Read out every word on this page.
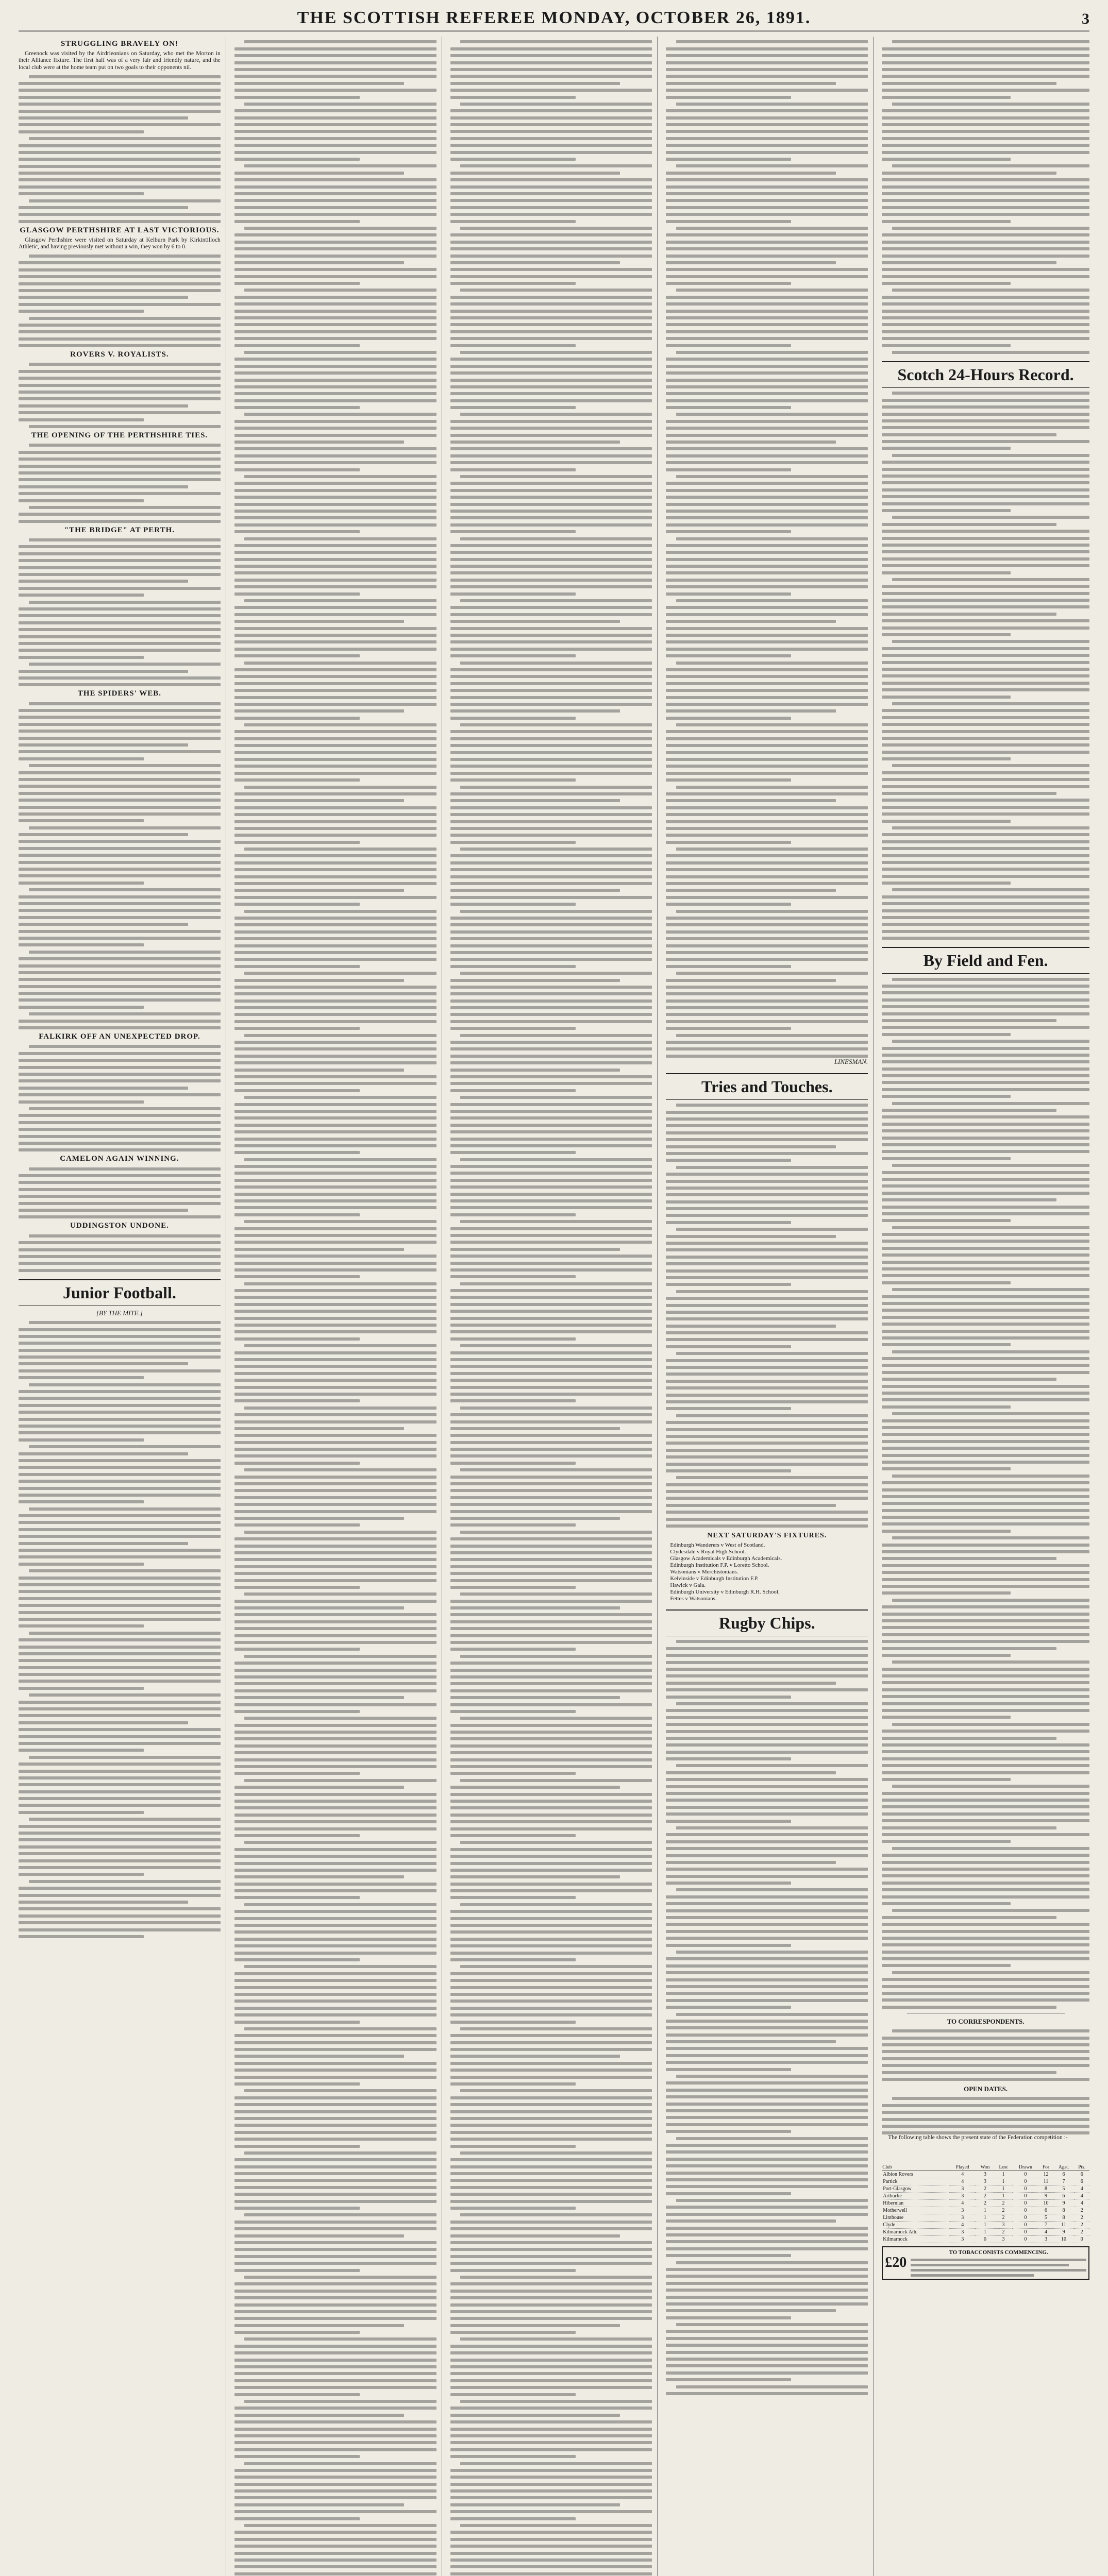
THE SCOTTISH REFEREE MONDAY, OCTOBER 26, 1891.	3
STRUGGLING BRAVELY ON!

Greenock was visited by the Airdrieonians on Saturday, who met the Morton in their Alliance fixture. The first half was of a very fair and friendly nature, and the local club were at the home team put on two goals to their opponents nil.

GLASGOW PERTHSHIRE AT LAST VICTORIOUS.

Glasgow Perthshire were visited on Saturday at Kelburn Park by Kirkintilloch Athletic, and having previously met without a win, they won by 6 to 0.

ROVERS V. ROYALISTS.
THE OPENING OF THE PERTHSHIRE TIES.
"THE BRIDGE" AT PERTH.
THE SPIDERS' WEB.
FALKIRK OFF AN UNEXPECTED DROP.
CAMELON AGAIN WINNING.
UDDINGSTON UNDONE.
Junior Football.
[BY THE MITE.]
LINESMAN.
Tries and Touches.
NEXT SATURDAY'S FIXTURES.
Edinburgh Wanderers v West of Scotland.
Clydesdale v Royal High School.
Glasgow Academicals v Edinburgh Academicals.
Edinburgh Institution F.P. v Loretto School.
Watsonians v Merchistonians.
Kelvinside v Edinburgh Institution F.P.
Hawick v Gala.
Edinburgh University v Edinburgh R.H. School.
Fettes v Watsonians.
Rugby Chips.
Scotch 24-Hours Record.
By Field and Fen.
TO CORRESPONDENTS.
OPEN DATES.

The following table shows the present state of the Federation competition :-

Club	Played	Won	Lost	Drawn	For	Agst.	Pts.
Albion Rovers	4	3	1	0	12	6	6
Partick	4	3	1	0	11	7	6
Port-Glasgow	3	2	1	0	8	5	4
Arthurlie	3	2	1	0	9	6	4
Hibernian	4	2	2	0	10	9	4
Motherwell	3	1	2	0	6	8	2
Linthouse	3	1	2	0	5	8	2
Clyde	4	1	3	0	7	11	2
Kilmarnock Ath.	3	1	2	0	4	9	2
Kilmarnock	3	0	3	0	3	10	0
£20
TO TOBACCONISTS COMMENCING.
